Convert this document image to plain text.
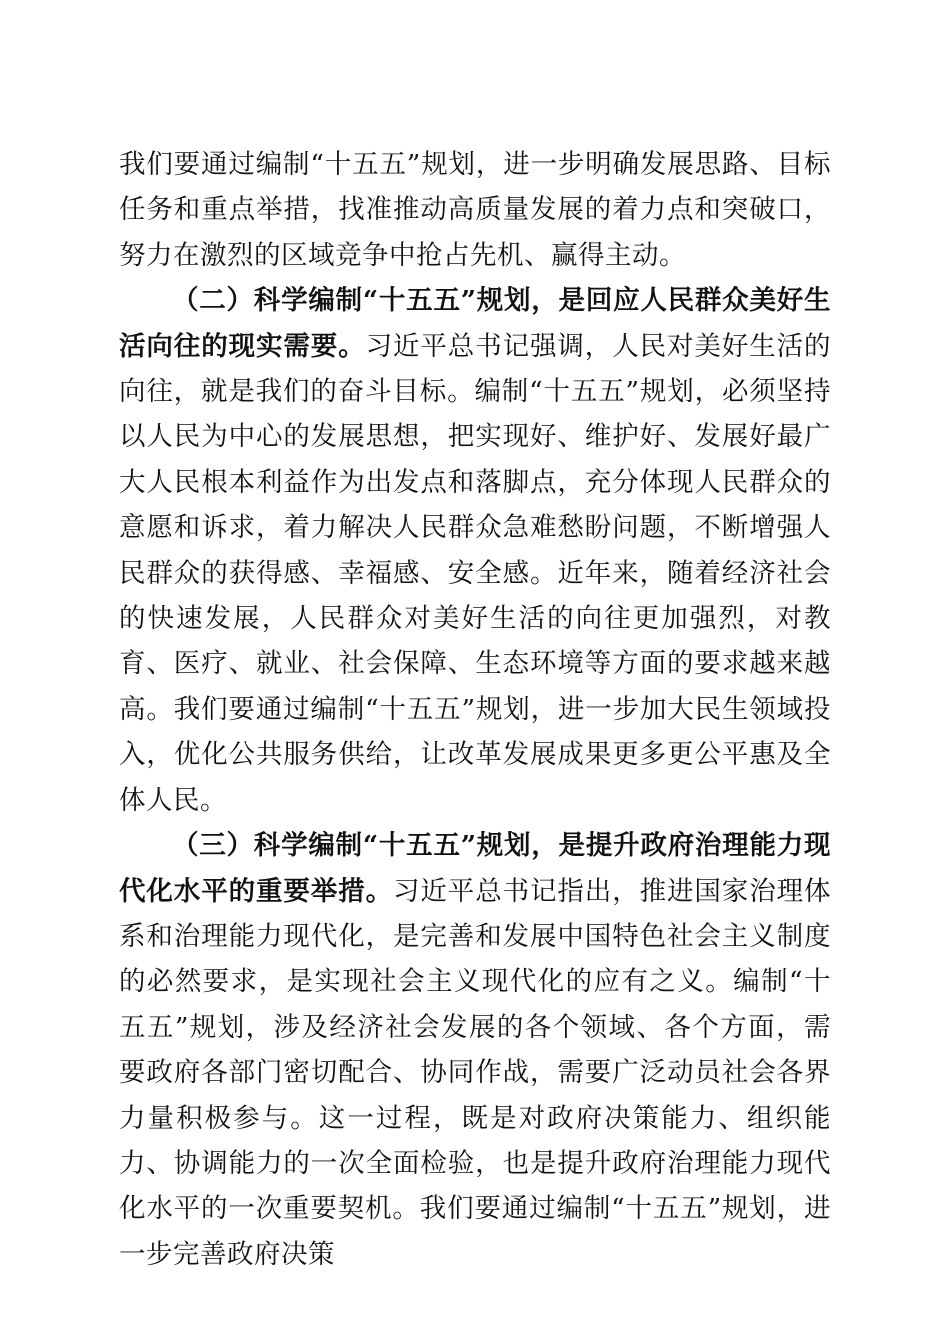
我们要通过编制“十五五”规划，进一步明确发展思路、目标任务和重点举措，找准推动高质量发展的着力点和突破口，努力在激烈的区域竞争中抢占先机、赢得主动。

（二）科学编制“十五五”规划，是回应人民群众美好生活向往的现实需要。习近平总书记强调，人民对美好生活的向往，就是我们的奋斗目标。编制“十五五”规划，必须坚持以人民为中心的发展思想，把实现好、维护好、发展好最广大人民根本利益作为出发点和落脚点，充分体现人民群众的意愿和诉求，着力解决人民群众急难愁盼问题，不断增强人民群众的获得感、幸福感、安全感。近年来，随着经济社会的快速发展，人民群众对美好生活的向往更加强烈，对教育、医疗、就业、社会保障、生态环境等方面的要求越来越高。我们要通过编制“十五五”规划，进一步加大民生领域投入，优化公共服务供给，让改革发展成果更多更公平惠及全体人民。

（三）科学编制“十五五”规划，是提升政府治理能力现代化水平的重要举措。习近平总书记指出，推进国家治理体系和治理能力现代化，是完善和发展中国特色社会主义制度的必然要求，是实现社会主义现代化的应有之义。编制“十五五”规划，涉及经济社会发展的各个领域、各个方面，需要政府各部门密切配合、协同作战，需要广泛动员社会各界力量积极参与。这一过程，既是对政府决策能力、组织能力、协调能力的一次全面检验，也是提升政府治理能力现代化水平的一次重要契机。我们要通过编制“十五五”规划，进一步完善政府决策
